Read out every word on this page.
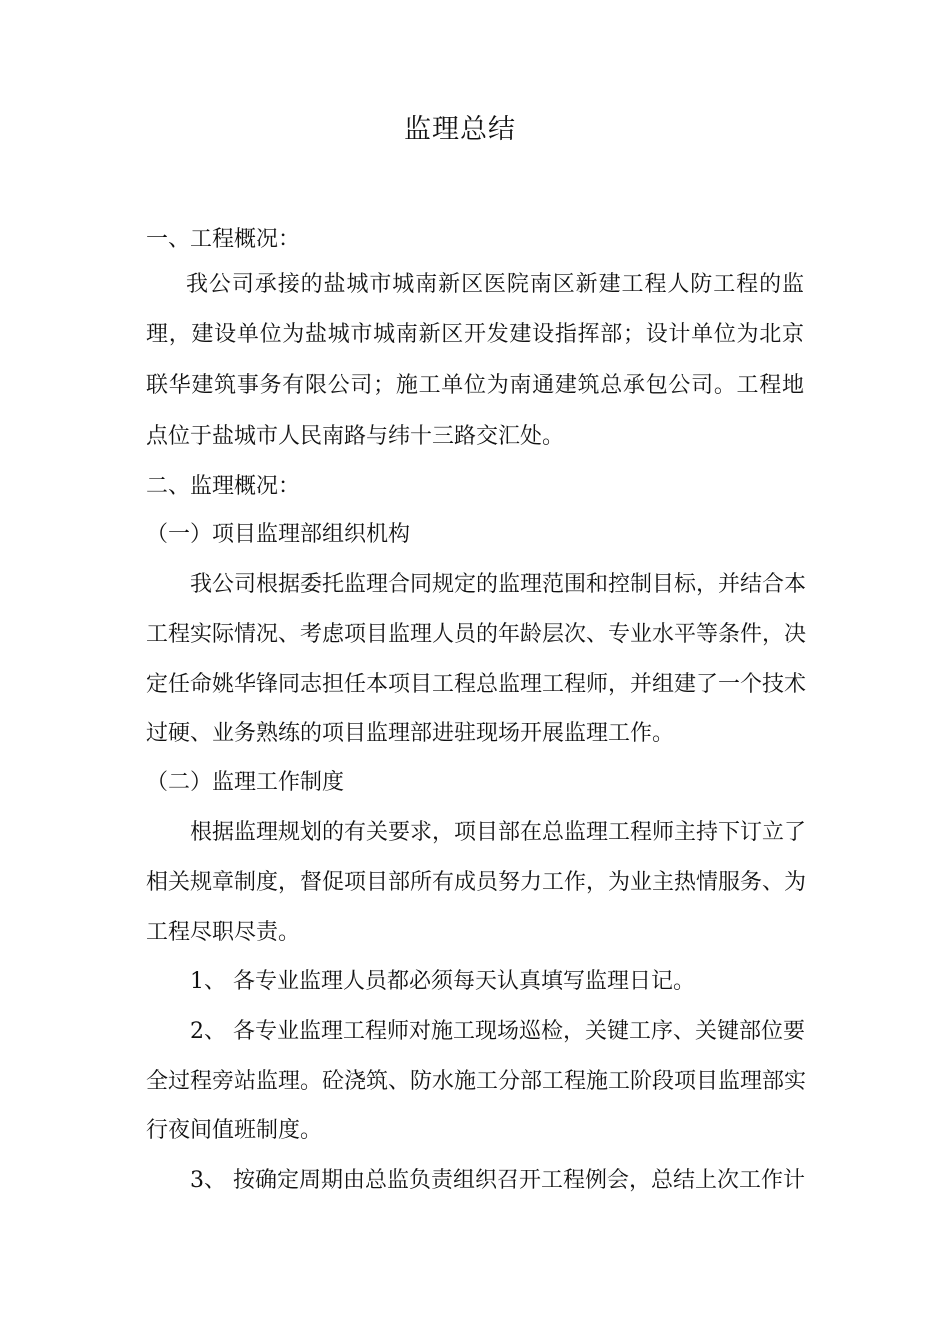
监理总结
一、工程概况：
我公司承接的盐城市城南新区医院南区新建工程人防工程的监
理，建设单位为盐城市城南新区开发建设指挥部；设计单位为北京
联华建筑事务有限公司；施工单位为南通建筑总承包公司。工程地
点位于盐城市人民南路与纬十三路交汇处。
二、监理概况：
（一）项目监理部组织机构
我公司根据委托监理合同规定的监理范围和控制目标，并结合本
工程实际情况、考虑项目监理人员的年龄层次、专业水平等条件，决
定任命姚华锋同志担任本项目工程总监理工程师，并组建了一个技术
过硬、业务熟练的项目监理部进驻现场开展监理工作。
（二）监理工作制度
根据监理规划的有关要求，项目部在总监理工程师主持下订立了
相关规章制度，督促项目部所有成员努力工作，为业主热情服务、为
工程尽职尽责。
1、 各专业监理人员都必须每天认真填写监理日记。
2、 各专业监理工程师对施工现场巡检，关键工序、关键部位要
全过程旁站监理。砼浇筑、防水施工分部工程施工阶段项目监理部实
行夜间值班制度。
3、 按确定周期由总监负责组织召开工程例会，总结上次工作计
